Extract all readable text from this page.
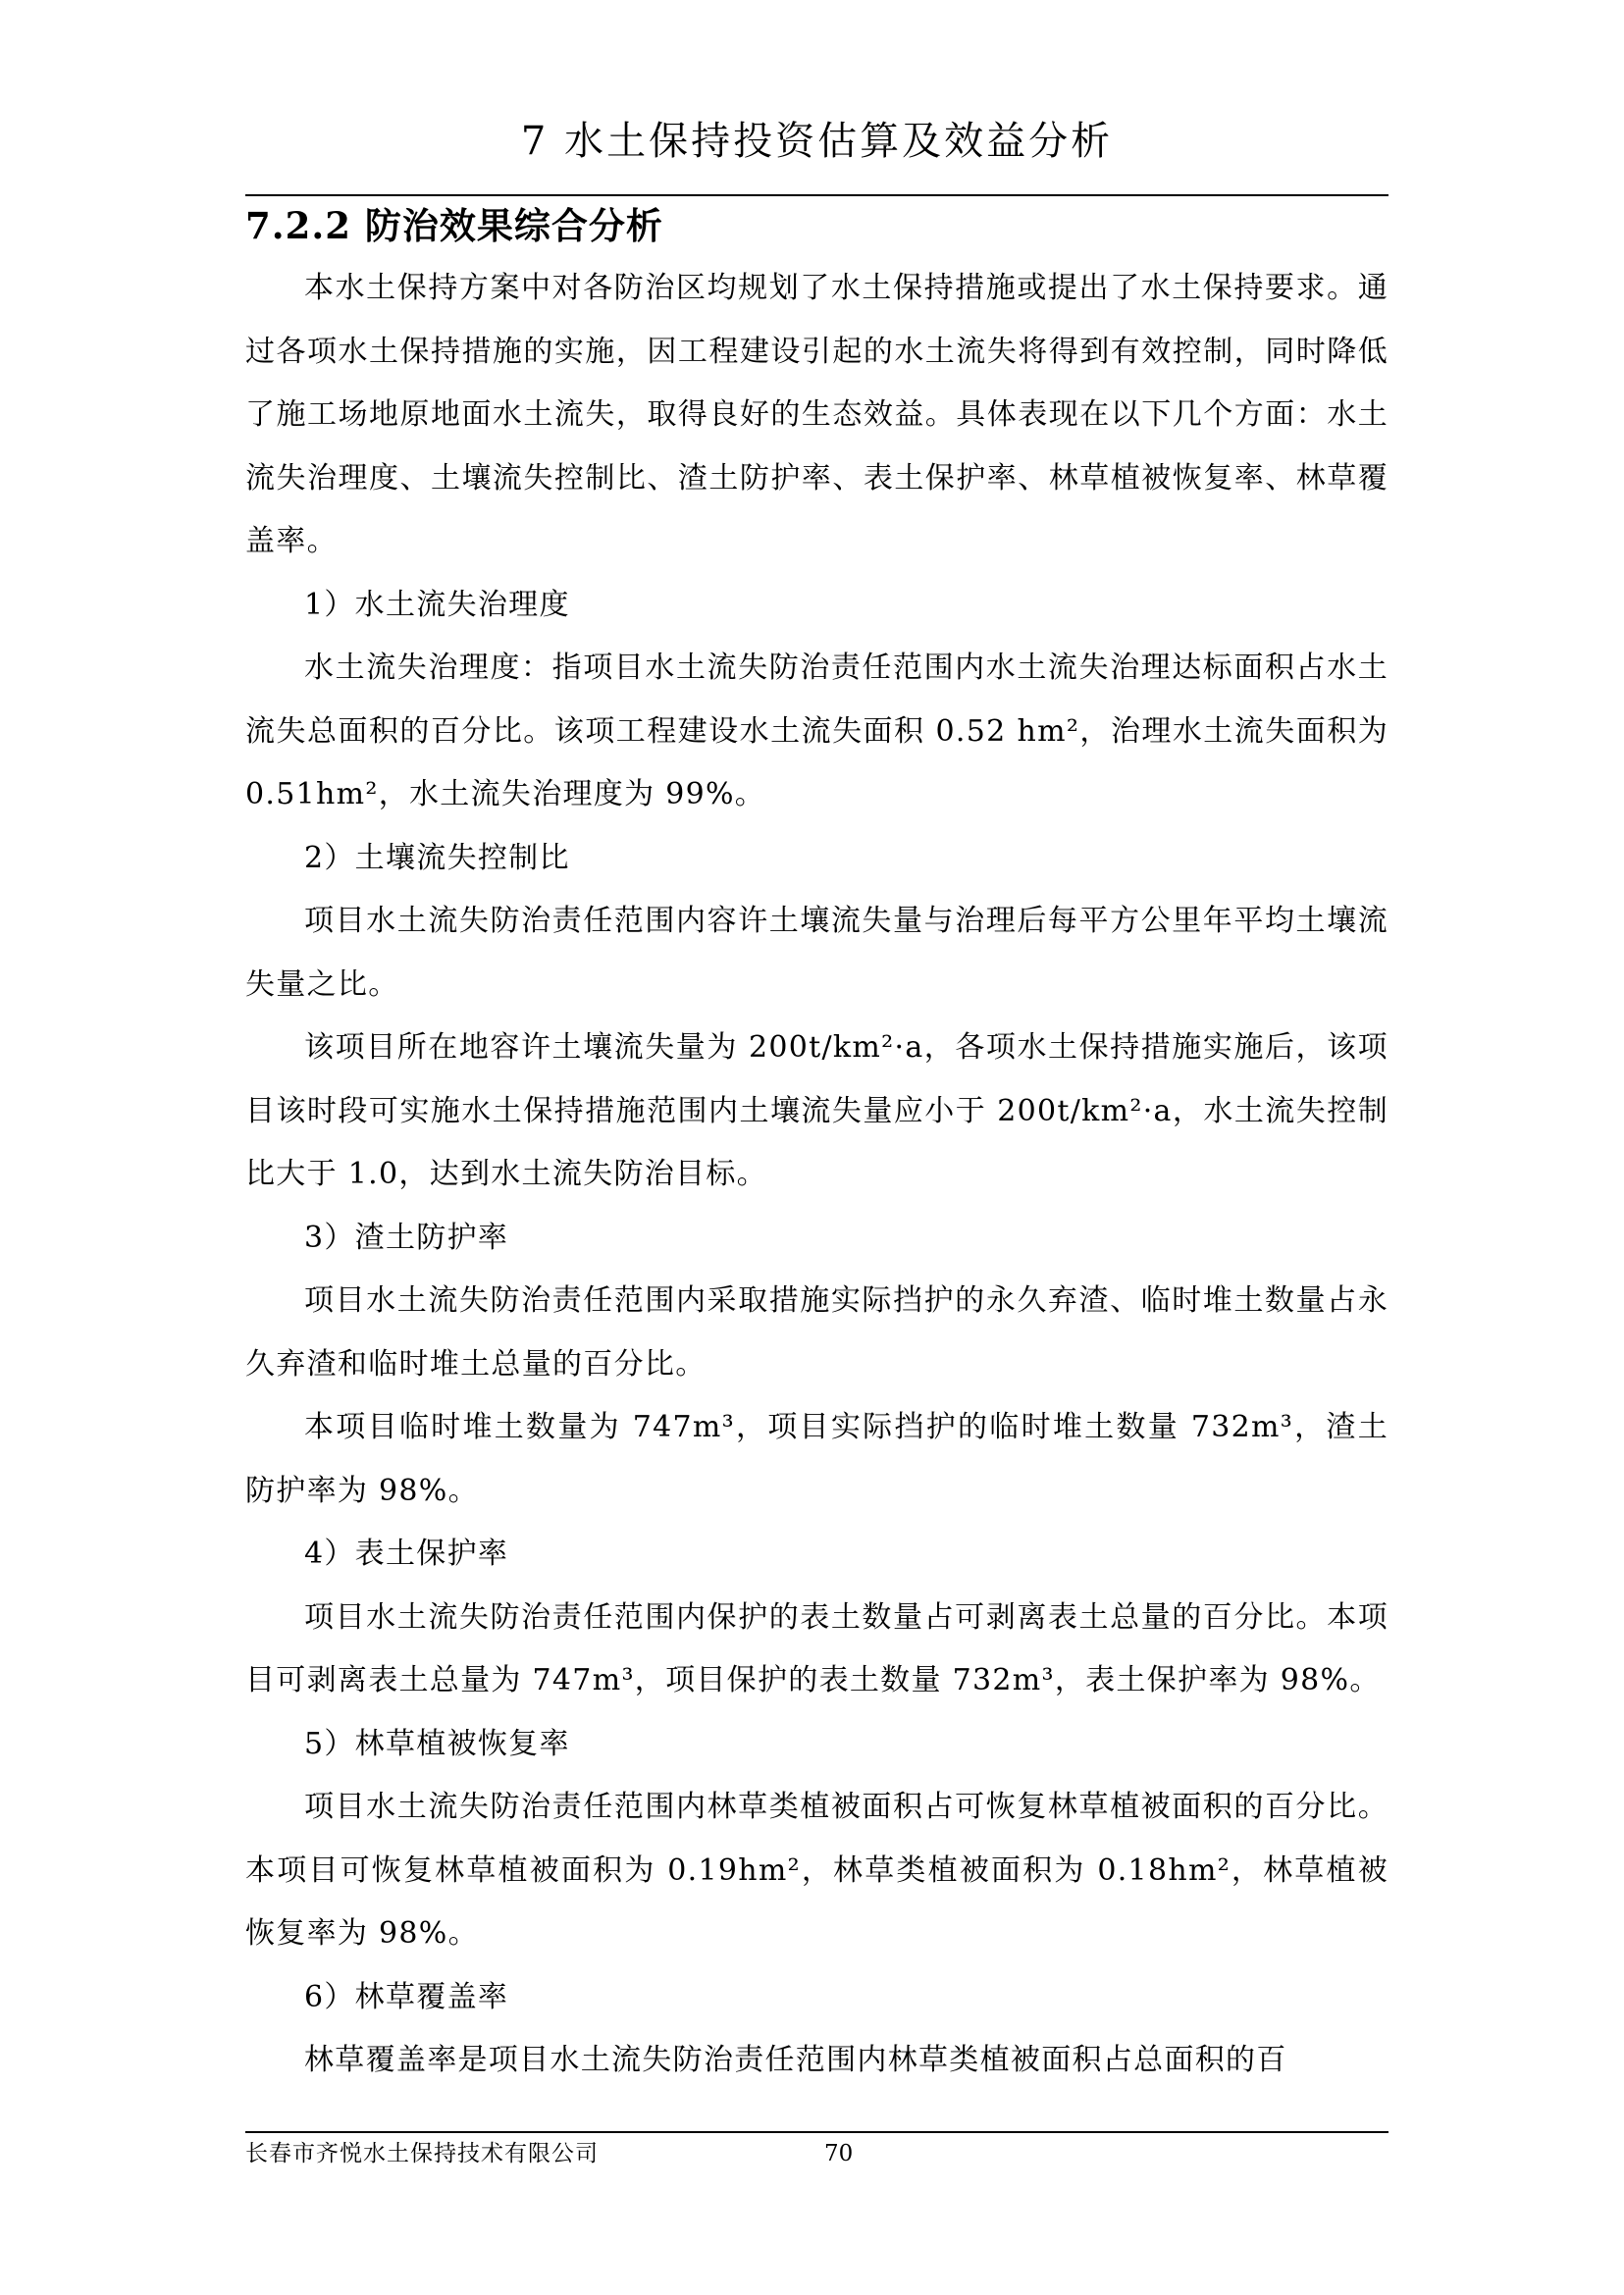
7 水土保持投资估算及效益分析
7.2.2 防治效果综合分析

本水土保持方案中对各防治区均规划了水土保持措施或提出了水土保持要求。通过各项水土保持措施的实施，因工程建设引起的水土流失将得到有效控制，同时降低了施工场地原地面水土流失，取得良好的生态效益。具体表现在以下几个方面：水土流失治理度、土壤流失控制比、渣土防护率、表土保护率、林草植被恢复率、林草覆盖率。

1）水土流失治理度

水土流失治理度：指项目水土流失防治责任范围内水土流失治理达标面积占水土流失总面积的百分比。该项工程建设水土流失面积 0.52 hm²，治理水土流失面积为 0.51hm²，水土流失治理度为 99%。

2）土壤流失控制比

项目水土流失防治责任范围内容许土壤流失量与治理后每平方公里年平均土壤流失量之比。

该项目所在地容许土壤流失量为 200t/km²·a，各项水土保持措施实施后，该项目该时段可实施水土保持措施范围内土壤流失量应小于 200t/km²·a，水土流失控制比大于 1.0，达到水土流失防治目标。

3）渣土防护率

项目水土流失防治责任范围内采取措施实际挡护的永久弃渣、临时堆土数量占永久弃渣和临时堆土总量的百分比。

本项目临时堆土数量为 747m³，项目实际挡护的临时堆土数量 732m³，渣土防护率为 98%。

4）表土保护率

项目水土流失防治责任范围内保护的表土数量占可剥离表土总量的百分比。本项目可剥离表土总量为 747m³，项目保护的表土数量 732m³，表土保护率为 98%。

5）林草植被恢复率

项目水土流失防治责任范围内林草类植被面积占可恢复林草植被面积的百分比。本项目可恢复林草植被面积为 0.19hm²，林草类植被面积为 0.18hm²，林草植被恢复率为 98%。

6）林草覆盖率

林草覆盖率是项目水土流失防治责任范围内林草类植被面积占总面积的百

长春市齐悦水土保持技术有限公司	70
